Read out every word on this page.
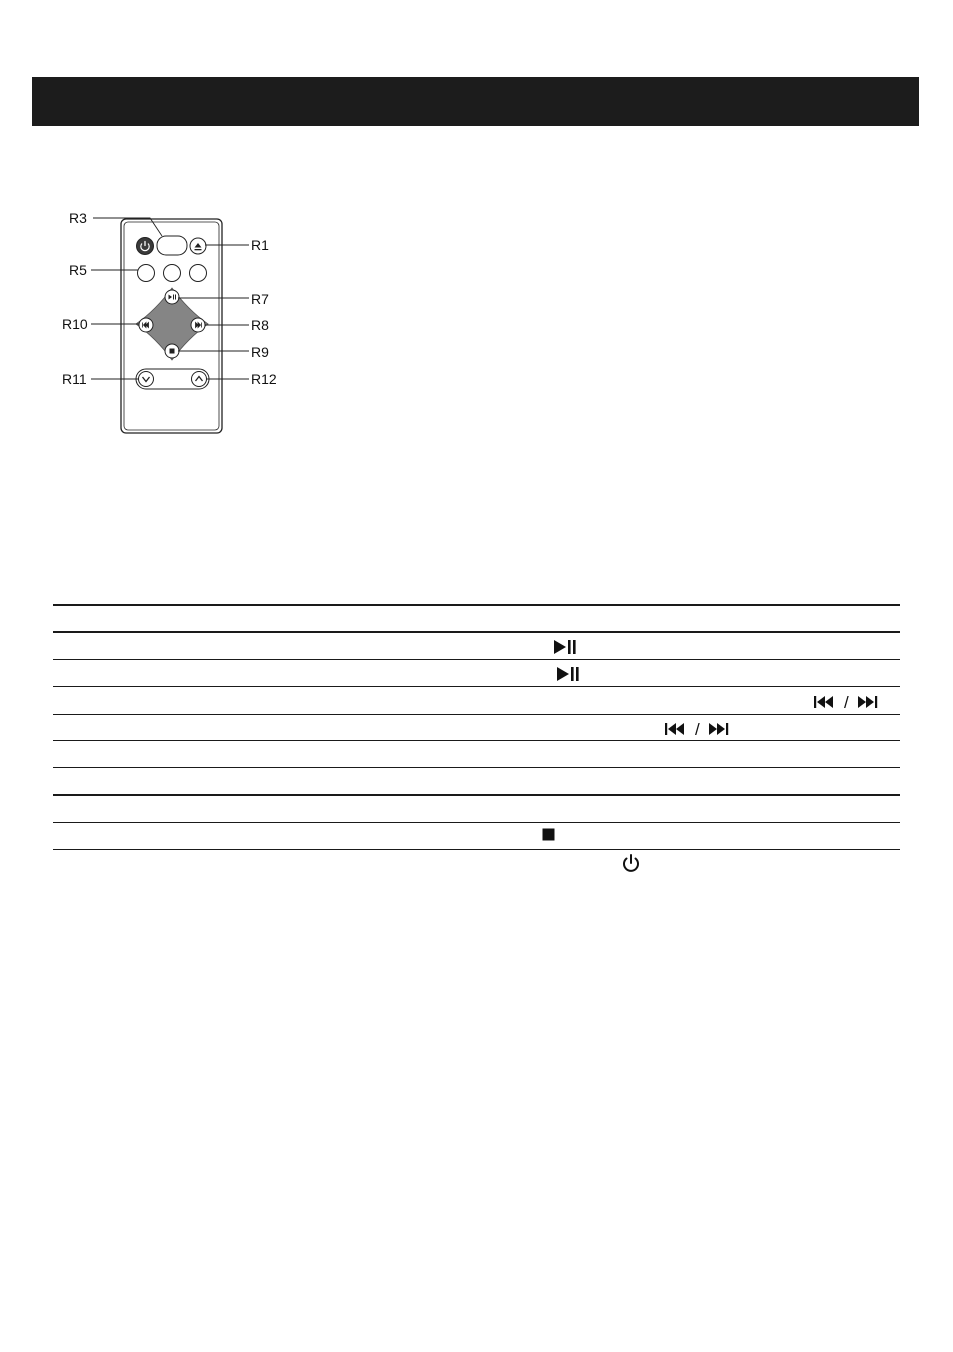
R3
R1
R5
R7
R10	R8
R9
R11	R12
/
/
